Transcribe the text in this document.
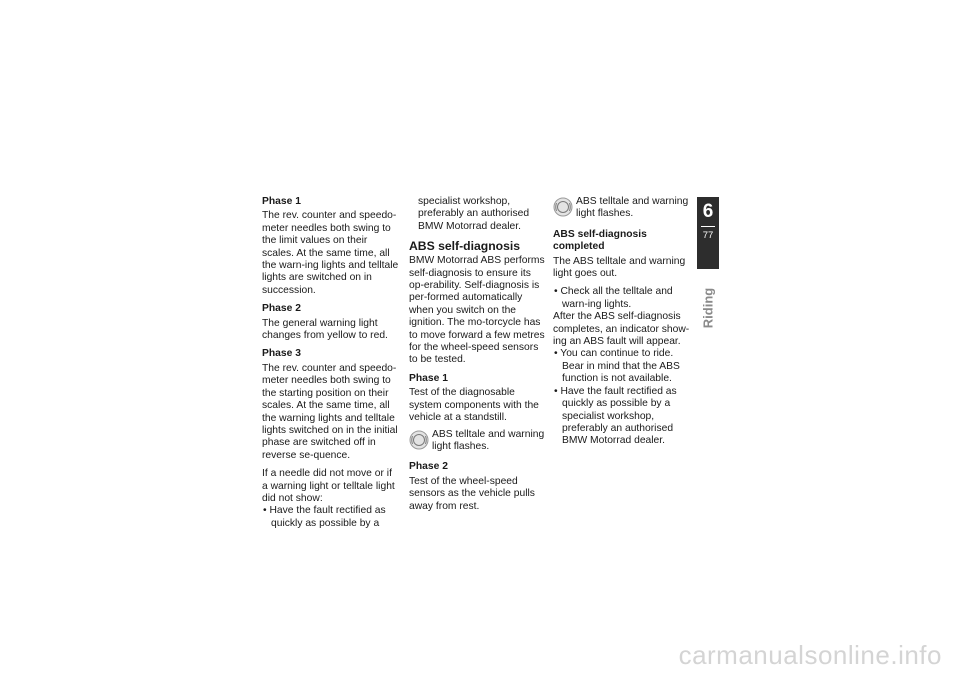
Phase 1

The rev. counter and speedo-meter needles both swing to the limit values on their scales. At the same time, all the warn-ing lights and telltale lights are switched on in succession.

Phase 2

The general warning light changes from yellow to red.

Phase 3

The rev. counter and speedo-meter needles both swing to the starting position on their scales. At the same time, all the warning lights and telltale lights switched on in the initial phase are switched off in reverse se-quence.

If a needle did not move or if a warning light or telltale light did not show:

• Have the fault rectified as quickly as possible by a

specialist workshop, preferably an authorised BMW Motorrad dealer.

ABS self-diagnosis

BMW Motorrad ABS performs self-diagnosis to ensure its op-erability. Self-diagnosis is per-formed automatically when you switch on the ignition. The mo-torcycle has to move forward a few metres for the wheel-speed sensors to be tested.

Phase 1

Test of the diagnosable system components with the vehicle at a standstill.

ABS telltale and warning light flashes.
Phase 2

Test of the wheel-speed sensors as the vehicle pulls away from rest.

ABS telltale and warning light flashes.
ABS self-diagnosis completed

The ABS telltale and warning light goes out.

• Check all the telltale and warn-ing lights.

After the ABS self-diagnosis completes, an indicator show-ing an ABS fault will appear.

• You can continue to ride. Bear in mind that the ABS function is not available.
• Have the fault rectified as quickly as possible by a specialist workshop, preferably an authorised BMW Motorrad dealer.
6
77
Riding
carmanualsonline.info
